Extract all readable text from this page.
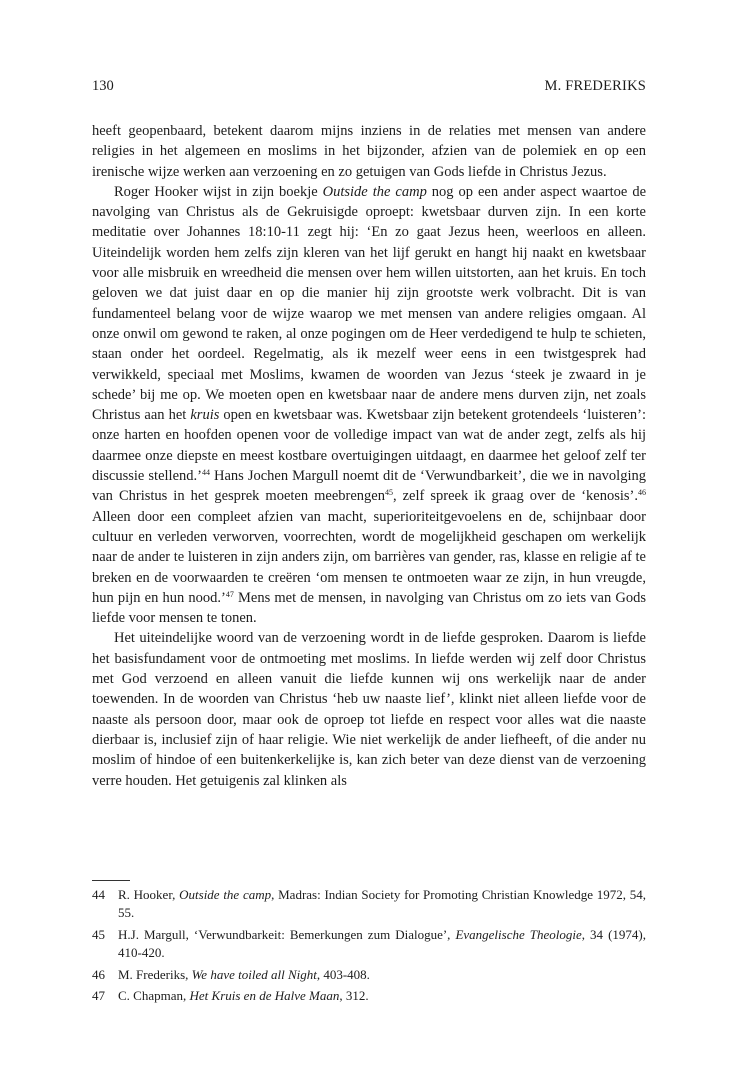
130	M. FREDERIKS

heeft geopenbaard, betekent daarom mijns inziens in de relaties met mensen van andere religies in het algemeen en moslims in het bijzonder, afzien van de polemiek en op een irenische wijze werken aan verzoening en zo getuigen van Gods liefde in Christus Jezus.

Roger Hooker wijst in zijn boekje Outside the camp nog op een ander aspect waartoe de navolging van Christus als de Gekruisigde oproept: kwetsbaar durven zijn. In een korte meditatie over Johannes 18:10-11 zegt hij: ‘En zo gaat Jezus heen, weerloos en alleen. Uiteindelijk worden hem zelfs zijn kleren van het lijf gerukt en hangt hij naakt en kwetsbaar voor alle misbruik en wreedheid die mensen over hem willen uitstorten, aan het kruis. En toch geloven we dat juist daar en op die manier hij zijn grootste werk volbracht. Dit is van fundamenteel belang voor de wijze waarop we met mensen van andere religies omgaan. Al onze onwil om gewond te raken, al onze pogingen om de Heer verdedigend te hulp te schieten, staan onder het oordeel. Regelmatig, als ik mezelf weer eens in een twistgesprek had verwikkeld, speciaal met Moslims, kwamen de woorden van Jezus ‘steek je zwaard in je schede’ bij me op. We moeten open en kwetsbaar naar de andere mens durven zijn, net zoals Christus aan het kruis open en kwetsbaar was. Kwetsbaar zijn betekent grotendeels ‘luisteren’: onze harten en hoofden openen voor de volledige impact van wat de ander zegt, zelfs als hij daarmee onze diepste en meest kostbare overtuigingen uitdaagt, en daarmee het geloof zelf ter discussie stellend.’$^{44}$ Hans Jochen Margull noemt dit de ‘Verwundbarkeit’, die we in navolging van Christus in het gesprek moeten meebrengen$^{45}$, zelf spreek ik graag over de ‘kenosis’.$^{46}$ Alleen door een compleet afzien van macht, superioriteitgevoelens en de, schijnbaar door cultuur en verleden verworven, voorrechten, wordt de mogelijkheid geschapen om werkelijk naar de ander te luisteren in zijn anders zijn, om barrières van gender, ras, klasse en religie af te breken en de voorwaarden te creëren ‘om mensen te ontmoeten waar ze zijn, in hun vreugde, hun pijn en hun nood.’$^{47}$ Mens met de mensen, in navolging van Christus om zo iets van Gods liefde voor mensen te tonen.

Het uiteindelijke woord van de verzoening wordt in de liefde gesproken. Daarom is liefde het basisfundament voor de ontmoeting met moslims. In liefde werden wij zelf door Christus met God verzoend en alleen vanuit die liefde kunnen wij ons werkelijk naar de ander toewenden. In de woorden van Christus ‘heb uw naaste lief’, klinkt niet alleen liefde voor de naaste als persoon door, maar ook de oproep tot liefde en respect voor alles wat die naaste dierbaar is, inclusief zijn of haar religie. Wie niet werkelijk de ander liefheeft, of die ander nu moslim of hindoe of een buitenkerkelijke is, kan zich beter van deze dienst van de verzoening verre houden. Het getuigenis zal klinken als

44 R. Hooker, Outside the camp, Madras: Indian Society for Promoting Christian Knowledge 1972, 54, 55.
45 H.J. Margull, ‘Verwundbarkeit: Bemerkungen zum Dialogue’, Evangelische Theologie, 34 (1974), 410-420.
46 M. Frederiks, We have toiled all Night, 403-408.
47 C. Chapman, Het Kruis en de Halve Maan, 312.
